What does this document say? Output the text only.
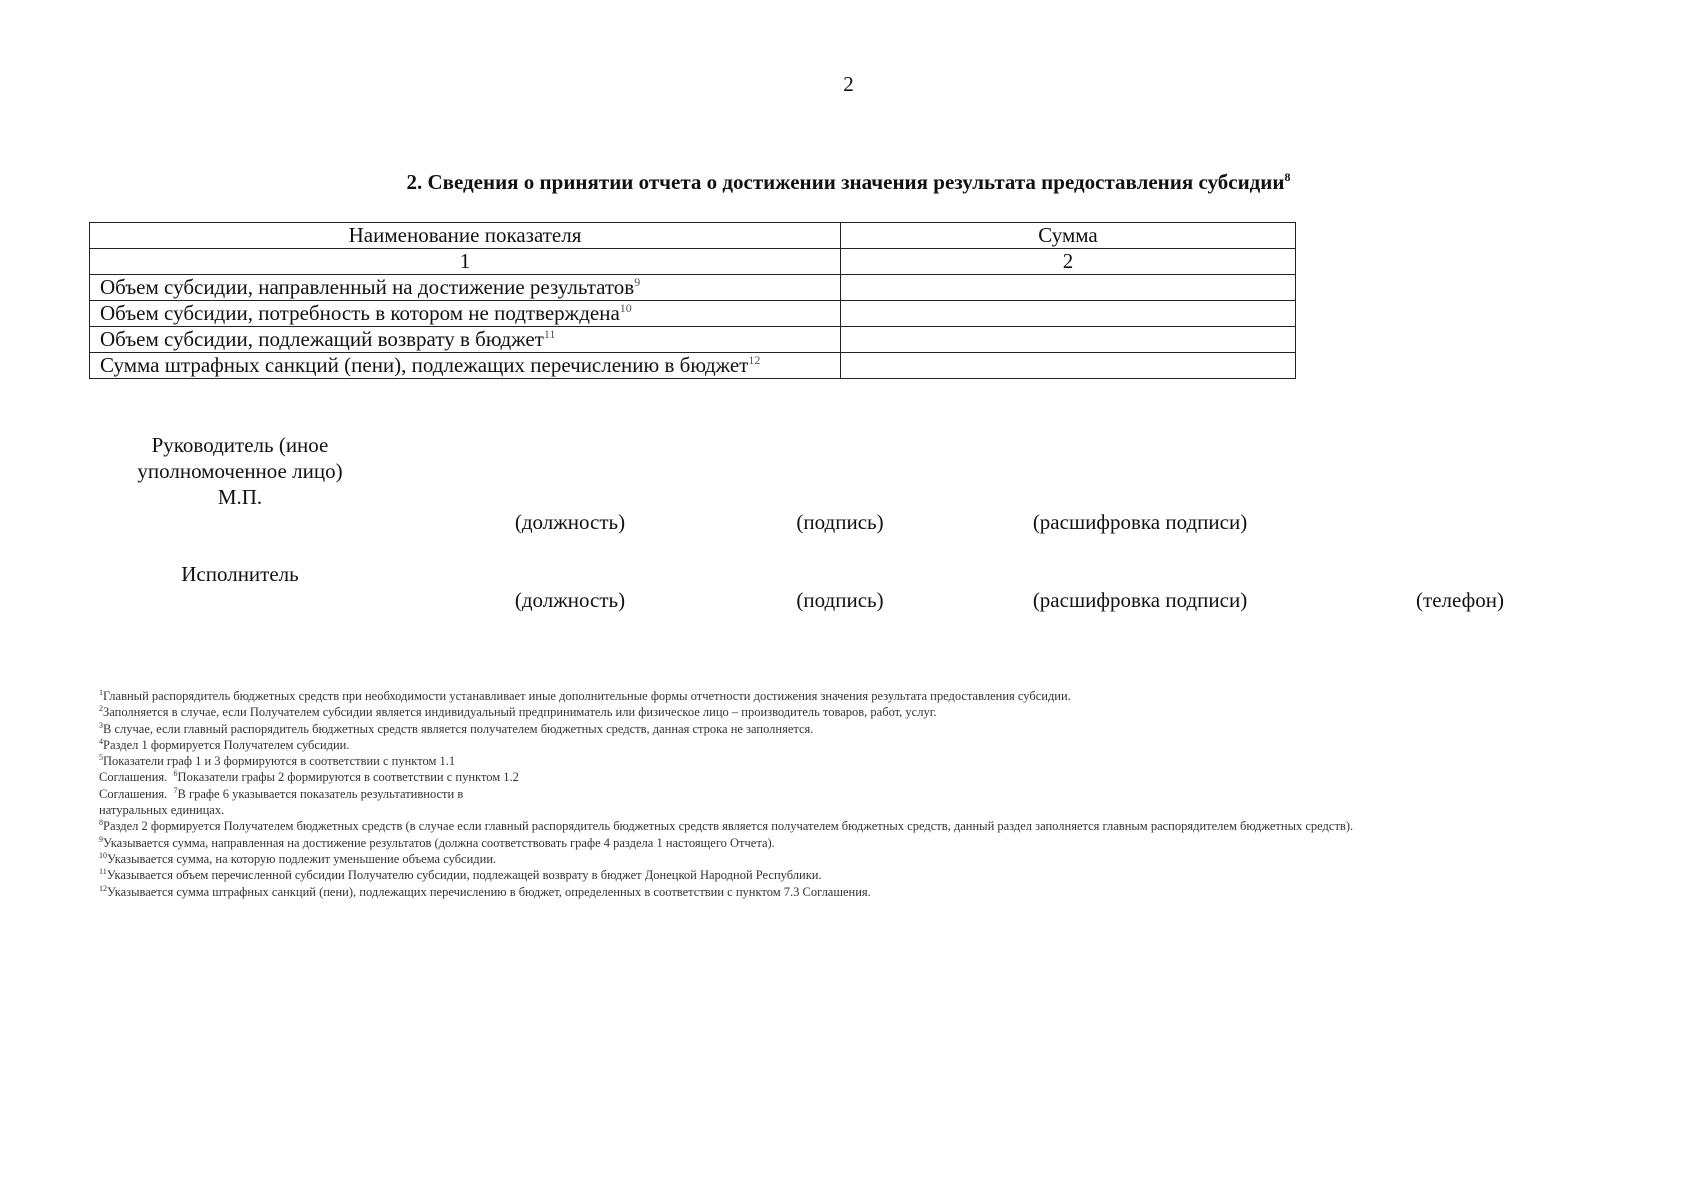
2
2. Сведения о принятии отчета о достижении значения результата предоставления субсидии$^8$
Наименование показателя	Сумма
1	2
Объем субсидии, направленный на достижение результатов$^9$	
Объем субсидии, потребность в котором не подтверждена$^{10}$	
Объем субсидии, подлежащий возврату в бюджет$^{11}$	
Сумма штрафных санкций (пени), подлежащих перечислению в бюджет$^{12}$	
Руководитель (иное
уполномоченное лицо)
М.П.
(должность)	(подпись)	(расшифровка подписи)
Исполнитель
(должность)	(подпись)	(расшифровка подписи)	(телефон)
$^1$Главный распорядитель бюджетных средств при необходимости устанавливает иные дополнительные формы отчетности достижения значения результата предоставления субсидии.
$^2$Заполняется в случае, если Получателем субсидии является индивидуальный предприниматель или физическое лицо – производитель товаров, работ, услуг.
$^3$В случае, если главный распорядитель бюджетных средств является получателем бюджетных средств, данная строка не заполняется.
$^4$Раздел 1 формируется Получателем субсидии.
$^5$Показатели граф 1 и 3 формируются в соответствии с пунктом 1.1
Соглашения.  $^6$Показатели графы 2 формируются в соответствии с пунктом 1.2
Соглашения.  $^7$В графе 6 указывается показатель результативности в
натуральных единицах.
$^8$Раздел 2 формируется Получателем бюджетных средств (в случае если главный распорядитель бюджетных средств является получателем бюджетных средств, данный раздел заполняется главным распорядителем бюджетных средств).
$^9$Указывается сумма, направленная на достижение результатов (должна соответствовать графе 4 раздела 1 настоящего Отчета).
$^{10}$Указывается сумма, на которую подлежит уменьшение объема субсидии.
$^{11}$Указывается объем перечисленной субсидии Получателю субсидии, подлежащей возврату в бюджет Донецкой Народной Республики.
$^{12}$Указывается сумма штрафных санкций (пени), подлежащих перечислению в бюджет, определенных в соответствии с пунктом 7.3 Соглашения.
